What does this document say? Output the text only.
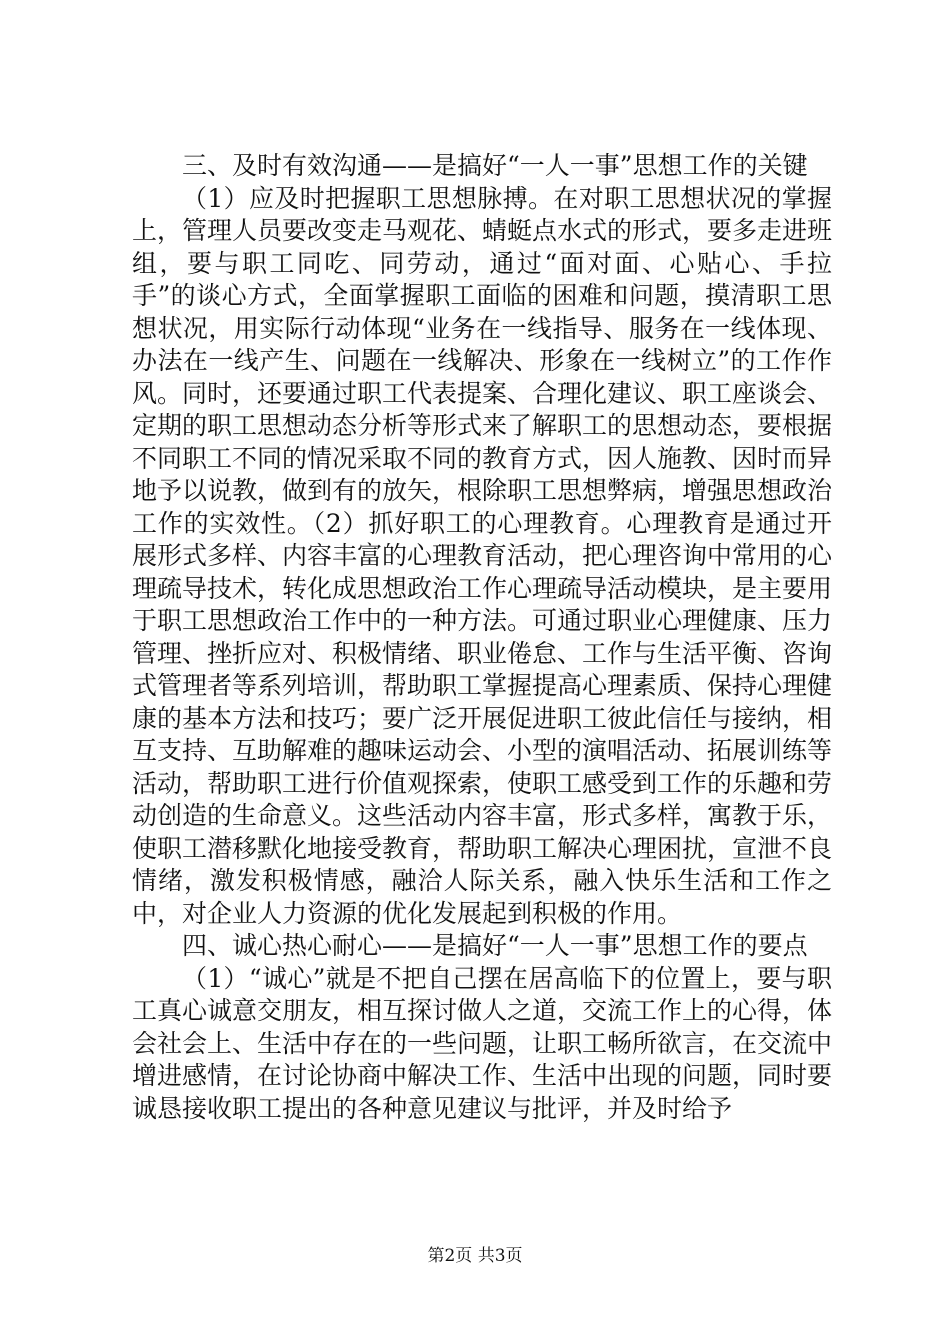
三、及时有效沟通——是搞好“一人一事”思想工作的关键

（1）应及时把握职工思想脉搏。在对职工思想状况的掌握上，管理人员要改变走马观花、蜻蜓点水式的形式，要多走进班组，要与职工同吃、同劳动，通过“面对面、心贴心、手拉手”的谈心方式，全面掌握职工面临的困难和问题，摸清职工思想状况，用实际行动体现“业务在一线指导、服务在一线体现、办法在一线产生、问题在一线解决、形象在一线树立”的工作作风。同时，还要通过职工代表提案、合理化建议、职工座谈会、定期的职工思想动态分析等形式来了解职工的思想动态，要根据不同职工不同的情况采取不同的教育方式，因人施教、因时而异地予以说教，做到有的放矢，根除职工思想弊病，增强思想政治工作的实效性。（2）抓好职工的心理教育。心理教育是通过开展形式多样、内容丰富的心理教育活动，把心理咨询中常用的心理疏导技术，转化成思想政治工作心理疏导活动模块，是主要用于职工思想政治工作中的一种方法。可通过职业心理健康、压力管理、挫折应对、积极情绪、职业倦怠、工作与生活平衡、咨询式管理者等系列培训，帮助职工掌握提高心理素质、保持心理健康的基本方法和技巧；要广泛开展促进职工彼此信任与接纳，相互支持、互助解难的趣味运动会、小型的演唱活动、拓展训练等活动，帮助职工进行价值观探索，使职工感受到工作的乐趣和劳动创造的生命意义。这些活动内容丰富，形式多样，寓教于乐，使职工潜移默化地接受教育，帮助职工解决心理困扰，宣泄不良情绪，激发积极情感，融洽人际关系，融入快乐生活和工作之中，对企业人力资源的优化发展起到积极的作用。

四、诚心热心耐心——是搞好“一人一事”思想工作的要点

（1）“诚心”就是不把自己摆在居高临下的位置上，要与职工真心诚意交朋友，相互探讨做人之道，交流工作上的心得，体会社会上、生活中存在的一些问题，让职工畅所欲言，在交流中增进感情，在讨论协商中解决工作、生活中出现的问题，同时要诚恳接收职工提出的各种意见建议与批评，并及时给予

第2页 共3页
